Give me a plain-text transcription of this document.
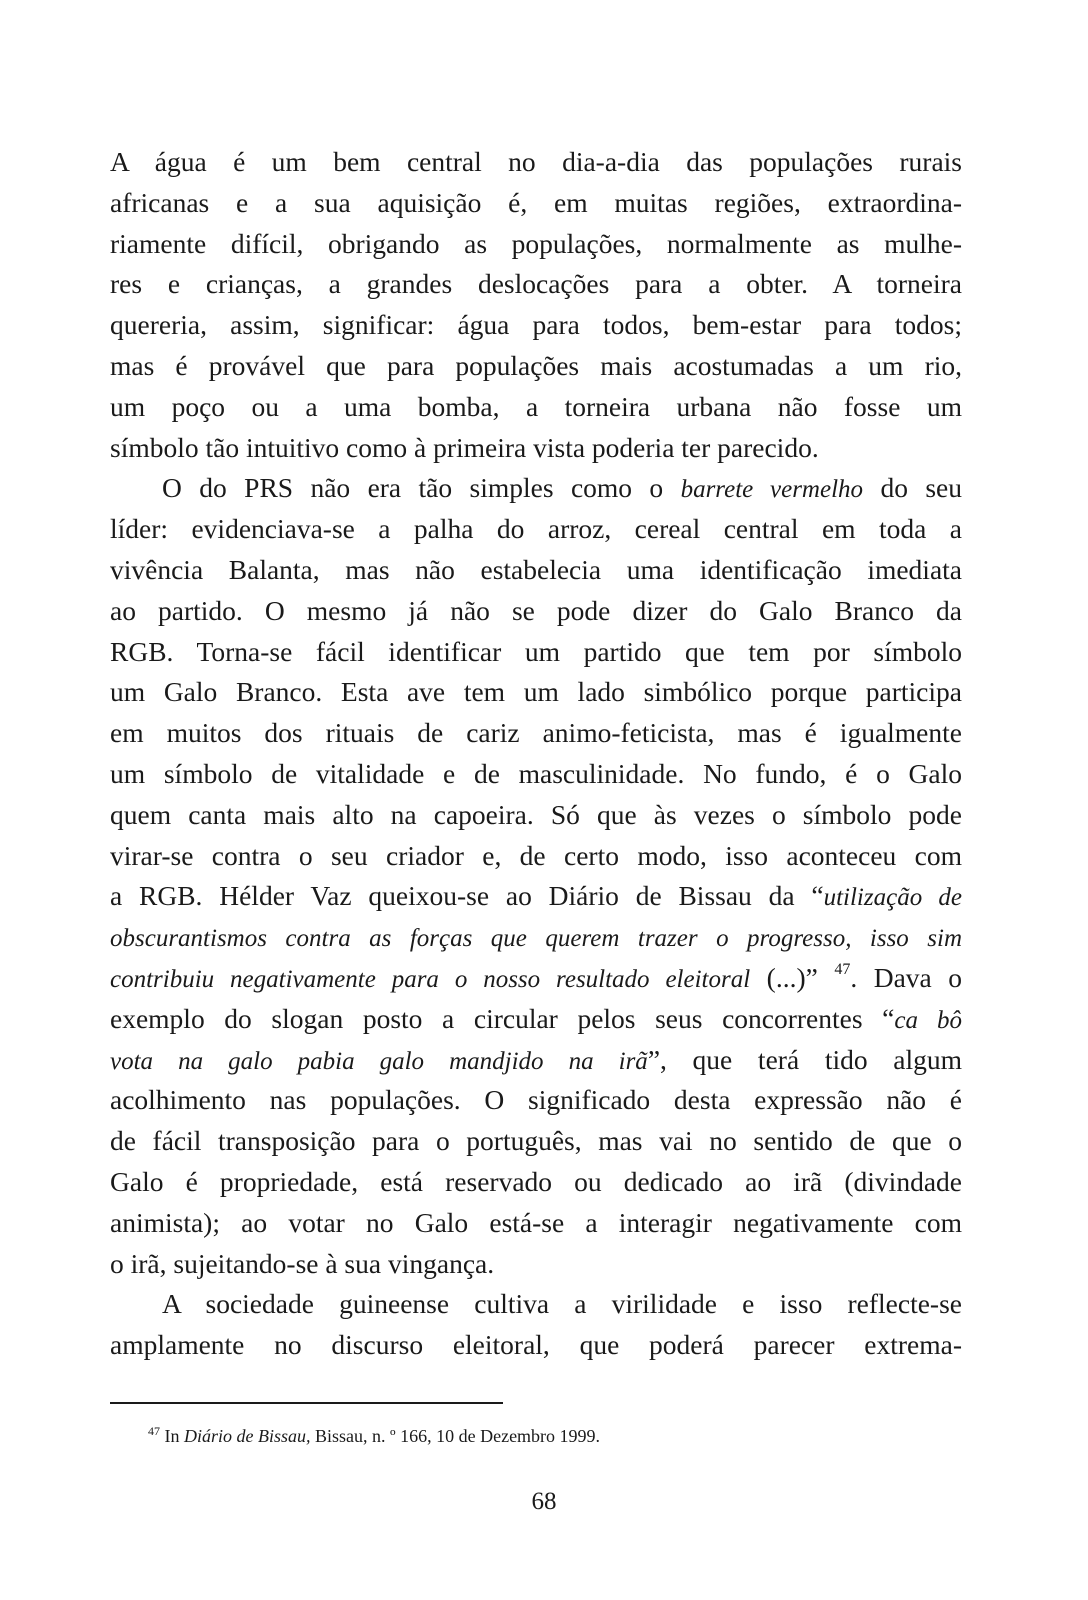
A água é um bem central no dia-a-dia das populações rurais
africanas e a sua aquisição é, em muitas regiões, extraordina-
riamente difícil, obrigando as populações, normalmente as mulhe-
res e crianças, a grandes deslocações para a obter. A torneira
quereria, assim, significar: água para todos, bem-estar para todos;
mas é provável que para populações mais acostumadas a um rio,
um poço ou a uma bomba, a torneira urbana não fosse um
símbolo tão intuitivo como à primeira vista poderia ter parecido.
O do PRS não era tão simples como o barrete vermelho do seu
líder: evidenciava-se a palha do arroz, cereal central em toda a
vivência Balanta, mas não estabelecia uma identificação imediata
ao partido. O mesmo já não se pode dizer do Galo Branco da
RGB. Torna-se fácil identificar um partido que tem por símbolo
um Galo Branco. Esta ave tem um lado simbólico porque participa
em muitos dos rituais de cariz animo-feticista, mas é igualmente
um símbolo de vitalidade e de masculinidade. No fundo, é o Galo
quem canta mais alto na capoeira. Só que às vezes o símbolo pode
virar-se contra o seu criador e, de certo modo, isso aconteceu com
a RGB. Hélder Vaz queixou-se ao Diário de Bissau da “utilização de
obscurantismos contra as forças que querem trazer o progresso, isso sim
contribuiu negativamente para o nosso resultado eleitoral (...)” $^{47}$. Dava o
exemplo do slogan posto a circular pelos seus concorrentes “ca bô
vota na galo pabia galo mandjido na irã”, que terá tido algum
acolhimento nas populações. O significado desta expressão não é
de fácil transposição para o português, mas vai no sentido de que o
Galo é propriedade, está reservado ou dedicado ao irã (divindade
animista); ao votar no Galo está-se a interagir negativamente com
o irã, sujeitando-se à sua vingança.
A sociedade guineense cultiva a virilidade e isso reflecte-se
amplamente no discurso eleitoral, que poderá parecer extrema-
$^{47}$ In Diário de Bissau, Bissau, n. º 166, 10 de Dezembro 1999.
68
